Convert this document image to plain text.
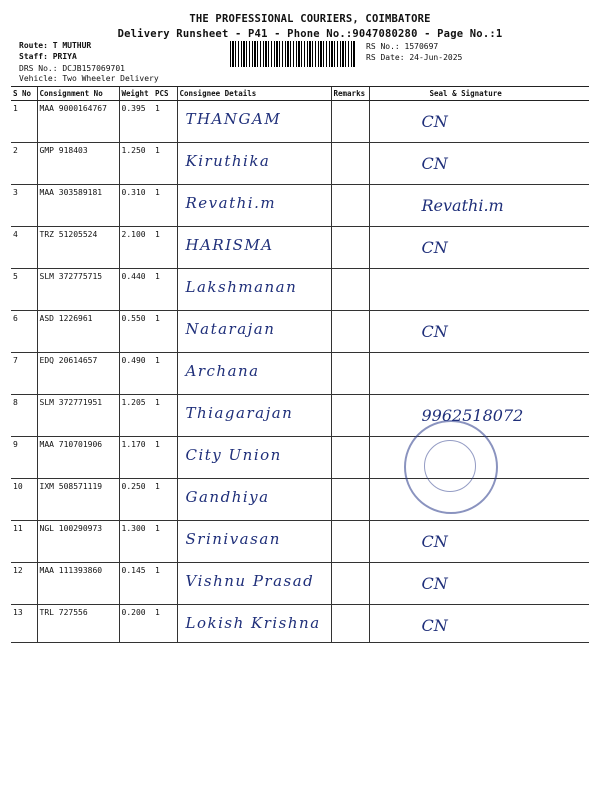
THE PROFESSIONAL COURIERS, COIMBATORE
Delivery Runsheet - P41 - Phone No.:9047080280 - Page No.:1
Route: T MUTHUR
Staff: PRIYA
DRS No.: DCJB157069701
Vehicle: Two Wheeler Delivery
RS No.: 1570697
RS Date: 24-Jun-2025
S No	Consignment No	Weight	PCS	Consignee Details	Remarks	Seal & Signature
1	MAA 9000164767	0.395	1	THANGAM		CN

2	GMP 918403	1.250	1	Kiruthika		CN

3	MAA 303589181	0.310	1	Revathi.m		Revathi.m

4	TRZ 51205524	2.100	1	HARISMA		CN

5	SLM 372775715	0.440	1	Lakshmanan		

6	ASD 1226961	0.550	1	Natarajan		CN

7	EDQ 20614657	0.490	1	Archana		

8	SLM 372771951	1.205	1	Thiagarajan		9962518072

9	MAA 710701906	1.170	1	City Union		

10	IXM 508571119	0.250	1	Gandhiya		

11	NGL 100290973	1.300	1	Srinivasan		CN

12	MAA 111393860	0.145	1	Vishnu Prasad		CN

13	TRL 727556	0.200	1	Lokish Krishna		CN
